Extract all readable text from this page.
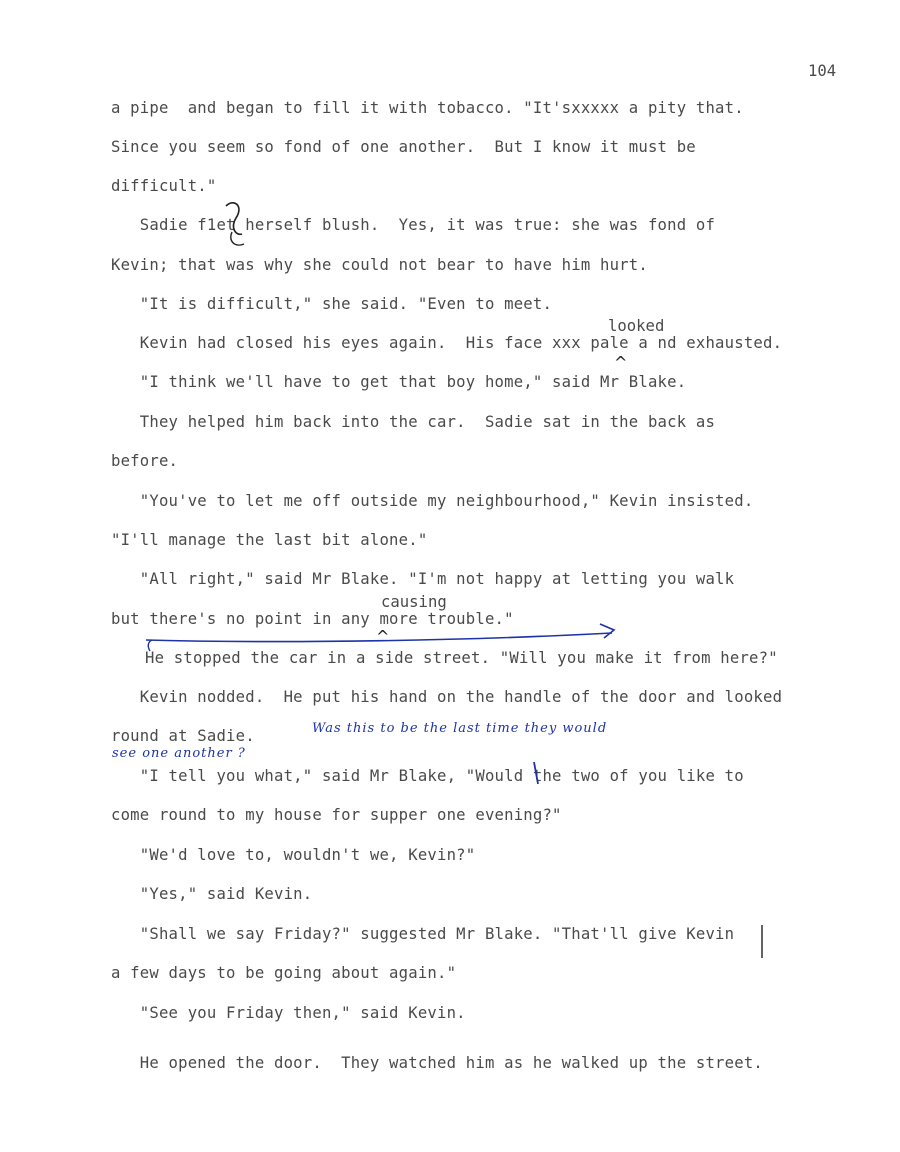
104
a pipe  and began to fill it with tobacco. "It'sxxxxx a pity that.
Since you seem so fond of one another.  But I know it must be
difficult."
Sadie f1et herself blush.  Yes, it was true: she was fond of
Kevin; that was why she could not bear to have him hurt.
"It is difficult," she said. "Even to meet.
looked
Kevin had closed his eyes again.  His face xxx pale a nd exhausted.
^
"I think we'll have to get that boy home," said Mr Blake.
They helped him back into the car.  Sadie sat in the back as
before.
"You've to let me off outside my neighbourhood," Kevin insisted.
"I'll manage the last bit alone."
"All right," said Mr Blake. "I'm not happy at letting you walk
causing
but there's no point in any more trouble."
^
He stopped the car in a side street. "Will you make it from here?"
Kevin nodded.  He put his hand on the handle of the door and looked
round at Sadie.	Was this to be the last time they would
see one another ?
"I tell you what," said Mr Blake, "Would the two of you like to
come round to my house for supper one evening?"
"We'd love to, wouldn't we, Kevin?"
"Yes," said Kevin.
"Shall we say Friday?" suggested Mr Blake. "That'll give Kevin
a few days to be going about again."
"See you Friday then," said Kevin.
He opened the door.  They watched him as he walked up the street.
